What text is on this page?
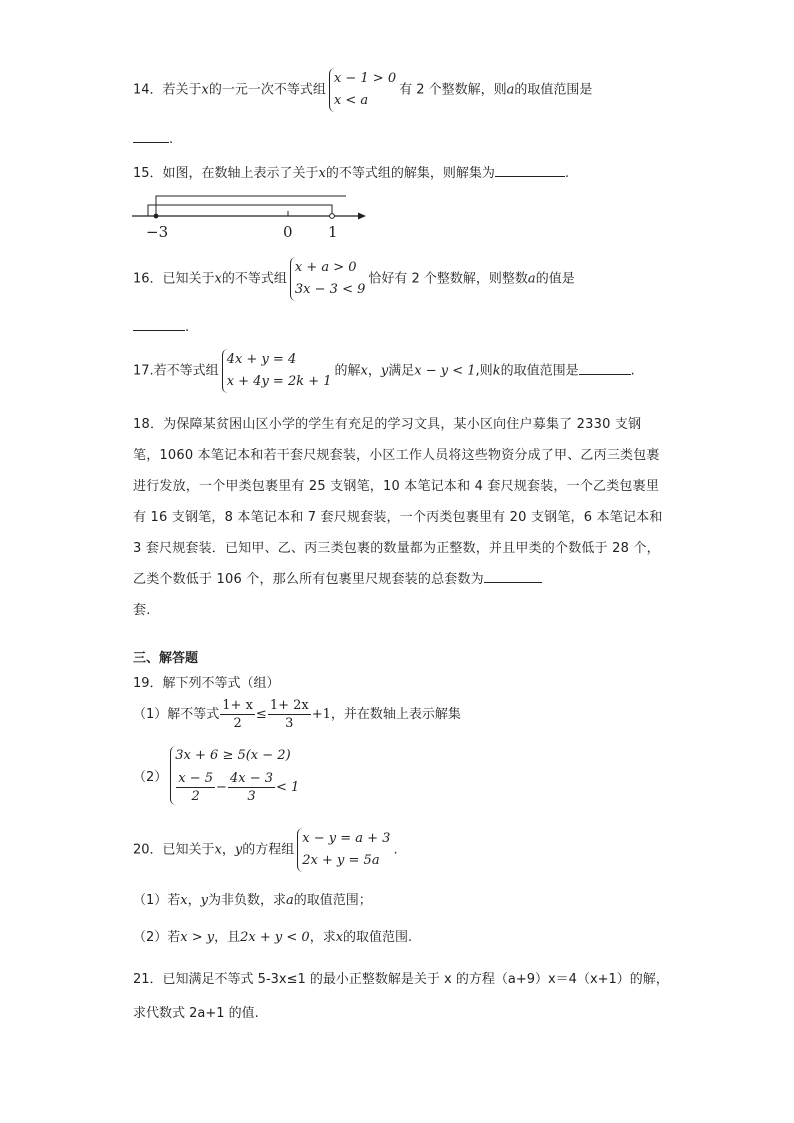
14．若关于x的一元一次不等式组
x − 1 > 0
x < a
有 2 个整数解，则a的取值范围是
.
15．如图，在数轴上表示了关于x的不等式组的解集，则解集为	.
−3	0 1
16．已知关于x的不等式组
x + a > 0
3x − 3 < 9
恰好有 2 个整数解，则整数a的值是
.
17.若不等式组
4x + y = 4
x + 4y = 2k + 1
的解x，y满足x − y < 1,则k的取值范围是	.
18．为保障某贫困山区小学的学生有充足的学习文具，某小区向住户募集了 2330 支钢笔，1060 本笔记本和若干套尺规套装，小区工作人员将这些物资分成了甲、乙丙三类包裹进行发放，一个甲类包裹里有 25 支钢笔，10 本笔记本和 4 套尺规套装，一个乙类包裹里有 16 支钢笔，8 本笔记本和 7 套尺规套装，一个丙类包裹里有 20 支钢笔，6 本笔记本和 3 套尺规套装．已知甲、乙、丙三类包裹的数量都为正整数，并且甲类的个数低于 28 个，乙类个数低于 106 个，那么所有包裹里尺规套装的总套数为
套.
三、解答题
19．解下列不等式（组）
（1）解不等式 $\frac{1+ x}{2} \le \frac{1+ 2x}{3} +1$，并在数轴上表示解集
（2）
3x + 6 ≥ 5(x − 2)
$\frac{x - 5}{2} - \frac{4x - 3}{3} < 1$
20．已知关于x，y的方程组
x − y = a + 3
2x + y = 5a
.
（1）若x，y为非负数，求a的取值范围；
（2）若x > y，且2x + y < 0，求x的取值范围.
21．已知满足不等式 5-3x≤1 的最小正整数解是关于 x 的方程（a+9）x＝4（x+1）的解，
求代数式 2a+1 的值.
